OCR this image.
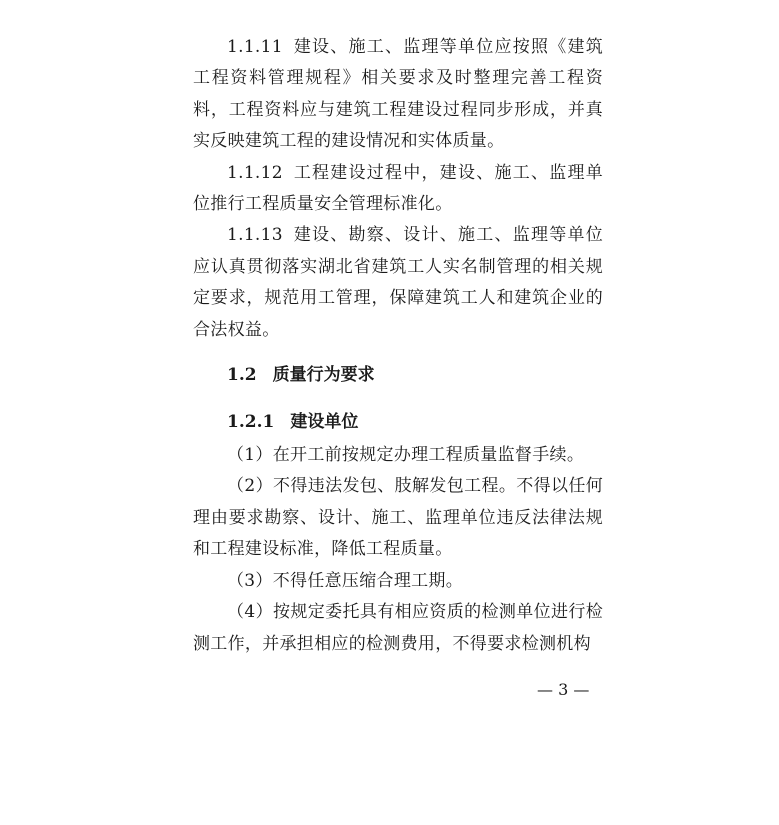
1.1.11 建设、施工、监理等单位应按照《建筑工程资料管理规程》相关要求及时整理完善工程资料，工程资料应与建筑工程建设过程同步形成，并真实反映建筑工程的建设情况和实体质量。

1.1.12 工程建设过程中，建设、施工、监理单位推行工程质量安全管理标准化。

1.1.13 建设、勘察、设计、施工、监理等单位应认真贯彻落实湖北省建筑工人实名制管理的相关规定要求，规范用工管理，保障建筑工人和建筑企业的合法权益。

1.2 质量行为要求
1.2.1 建设单位

（1）在开工前按规定办理工程质量监督手续。

（2）不得违法发包、肢解发包工程。不得以任何理由要求勘察、设计、施工、监理单位违反法律法规和工程建设标准，降低工程质量。

（3）不得任意压缩合理工期。

（4）按规定委托具有相应资质的检测单位进行检测工作，并承担相应的检测费用，不得要求检测机构

— 3 —
